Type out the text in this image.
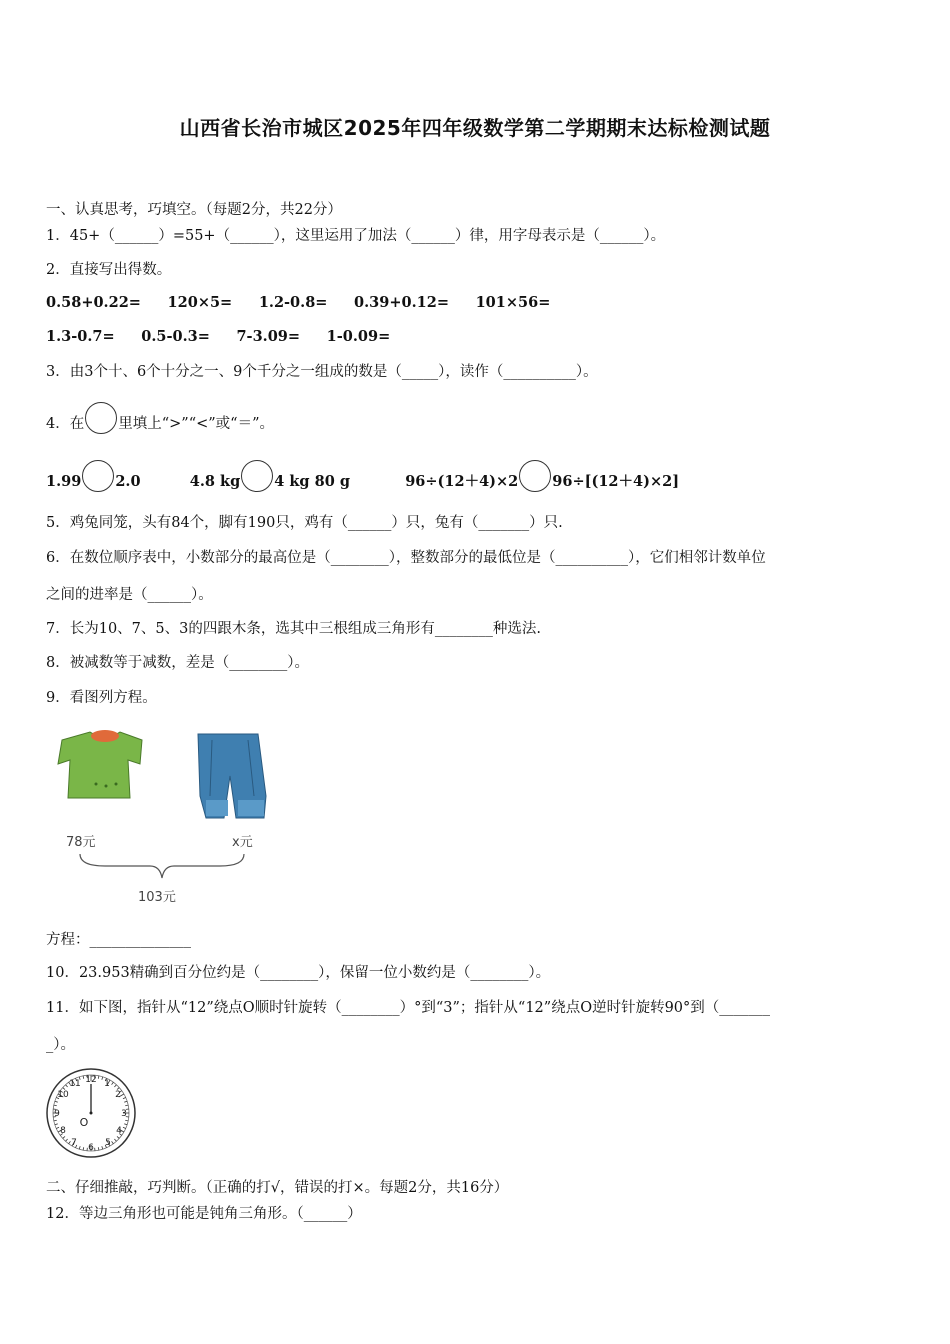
山西省长治市城区2025年四年级数学第二学期期末达标检测试题
一、认真思考，巧填空。（每题2分，共22分）
1．45+（______）=55+（______），这里运用了加法（______）律，用字母表示是（______）。
2．直接写出得数。
0.58+0.22= 120×5= 1.2-0.8= 0.39+0.12= 101×56=
1.3-0.7= 0.5-0.3= 7-3.09= 1-0.09=
3．由3个十、6个十分之一、9个千分之一组成的数是（_____），读作（__________）。
4．在 里填上“>”“<”或“＝”。
1.99 2.0	4.8 kg 4 kg 80 g	96÷(12＋4)×2 96÷[(12＋4)×2]
5．鸡兔同笼，头有84个，脚有190只，鸡有（______）只，兔有（_______）只.
6．在数位顺序表中，小数部分的最高位是（________），整数部分的最低位是（__________），它们相邻计数单位
之间的进率是（______）。
7．长为10、7、5、3的四跟木条，选其中三根组成三角形有________种选法.
8．被减数等于减数，差是（________）。
9．看图列方程。
78元	x元
103元
方程：______________
10．23.953精确到百分位约是（________），保留一位小数约是（________）。
11．如下图，指针从“12”绕点O顺时针旋转（________）°到“3”；指针从“12”绕点O逆时针旋转90°到（_______
_）。
12 1
2
3
4
5
6
7
8
9
10
11
O
二、仔细推敲，巧判断。（正确的打√，错误的打×。每题2分，共16分）
12．等边三角形也可能是钝角三角形。（______）
